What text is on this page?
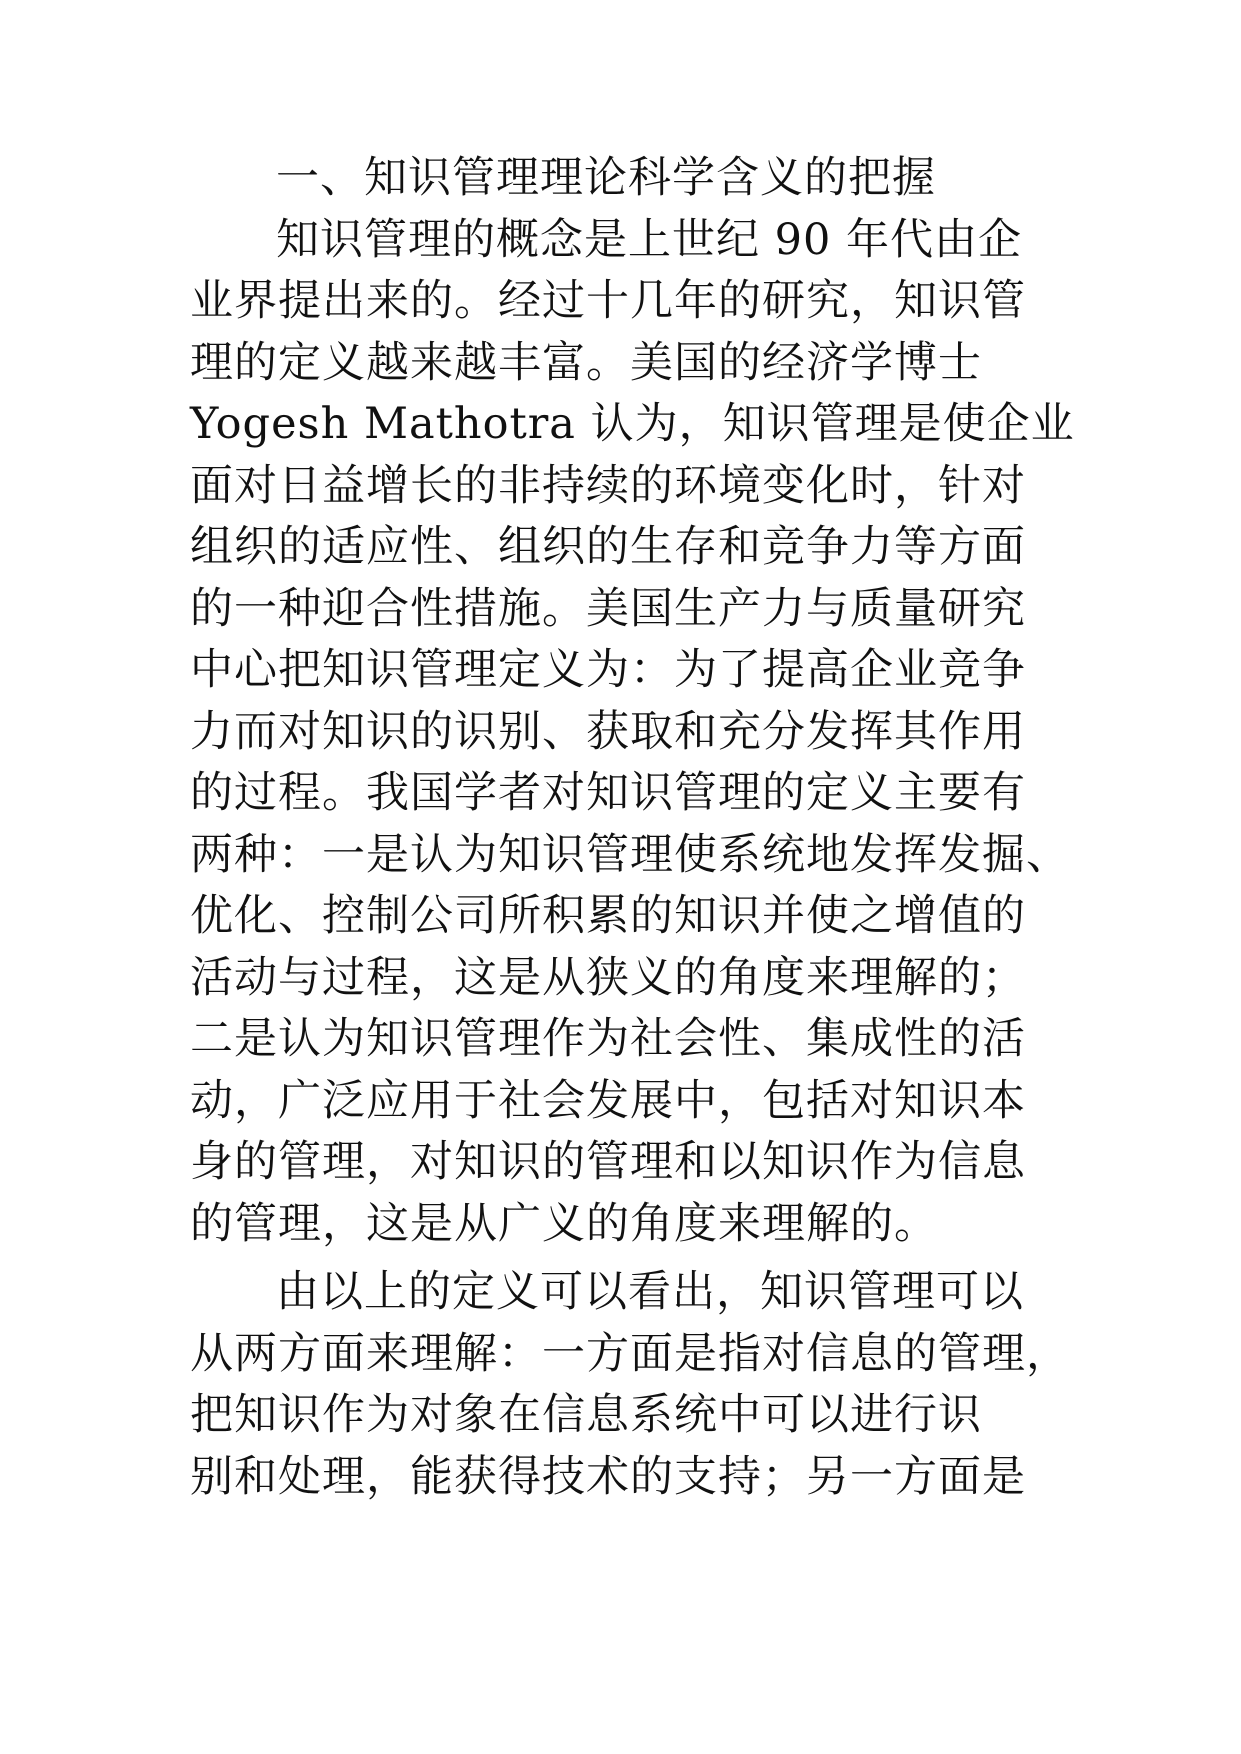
一、知识管理理论科学含义的把握
知识管理的概念是上世纪 90 年代由企
业界提出来的。经过十几年的研究，知识管
理的定义越来越丰富。美国的经济学博士
Yogesh Mathotra 认为，知识管理是使企业
面对日益增长的非持续的环境变化时，针对
组织的适应性、组织的生存和竞争力等方面
的一种迎合性措施。美国生产力与质量研究
中心把知识管理定义为：为了提高企业竞争
力而对知识的识别、获取和充分发挥其作用
的过程。我国学者对知识管理的定义主要有
两种：一是认为知识管理使系统地发挥发掘、
优化、控制公司所积累的知识并使之增值的
活动与过程，这是从狭义的角度来理解的；
二是认为知识管理作为社会性、集成性的活
动，广泛应用于社会发展中，包括对知识本
身的管理，对知识的管理和以知识作为信息
的管理，这是从广义的角度来理解的。
由以上的定义可以看出，知识管理可以
从两方面来理解：一方面是指对信息的管理，
把知识作为对象在信息系统中可以进行识
别和处理，能获得技术的支持；另一方面是
